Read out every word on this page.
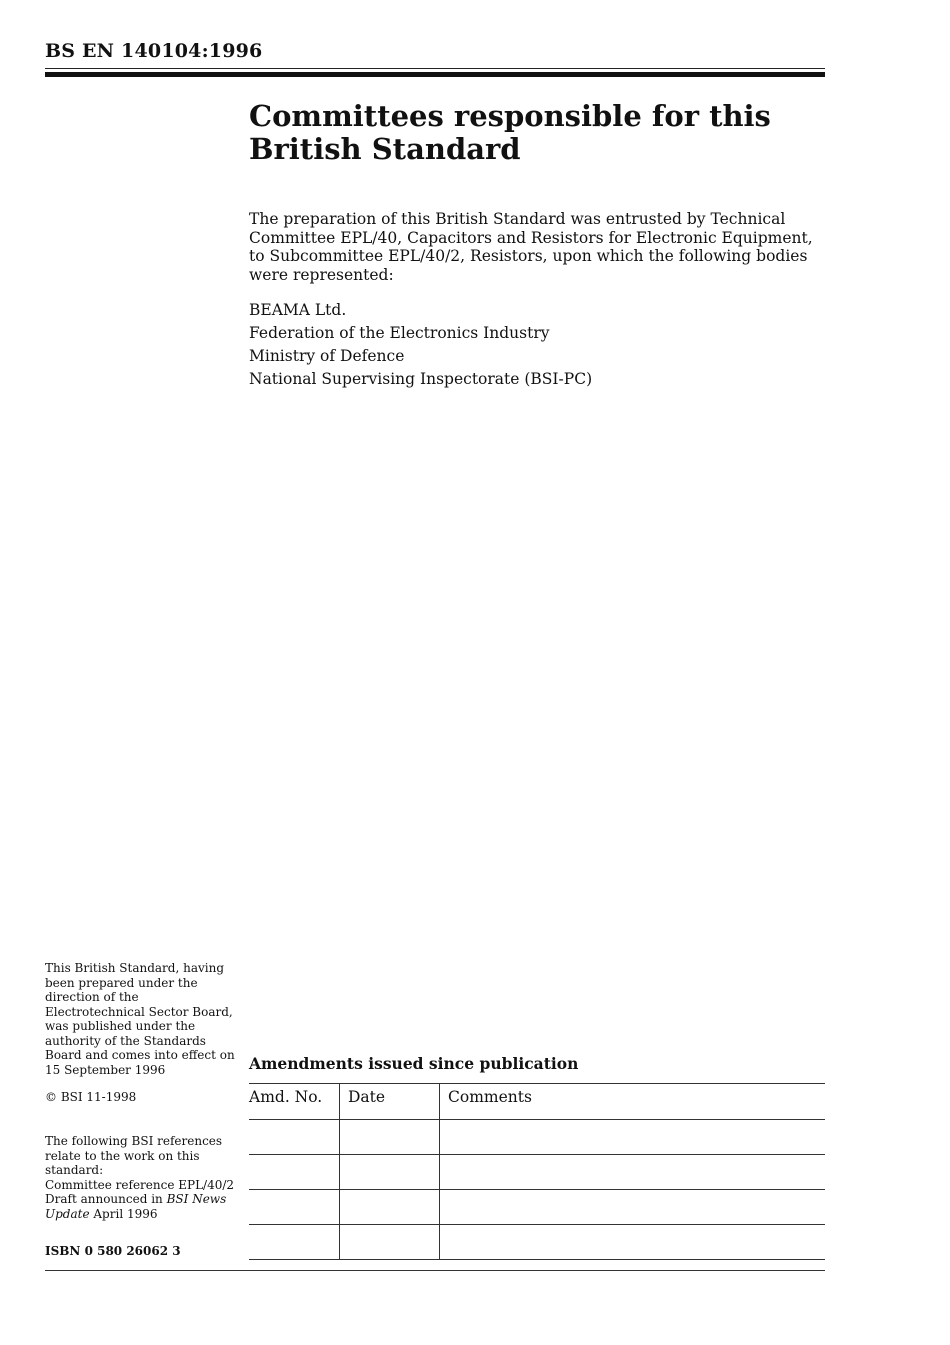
BS EN 140104:1996
Committees responsible for this British Standard

The preparation of this British Standard was entrusted by Technical Committee EPL/40, Capacitors and Resistors for Electronic Equipment, to Subcommittee EPL/40/2, Resistors, upon which the following bodies were represented:

BEAMA Ltd.
Federation of the Electronics Industry
Ministry of Defence
National Supervising Inspectorate (BSI-PC)

This British Standard, having been prepared under the direction of the Electrotechnical Sector Board, was published under the authority of the Standards Board and comes into effect on 15 September 1996

© BSI 11-1998

The following BSI references relate to the work on this standard:
Committee reference EPL/40/2
Draft announced in BSI News Update April 1996
ISBN 0 580 26062 3
Amendments issued since publication
Amd. No.	Date	Comments
